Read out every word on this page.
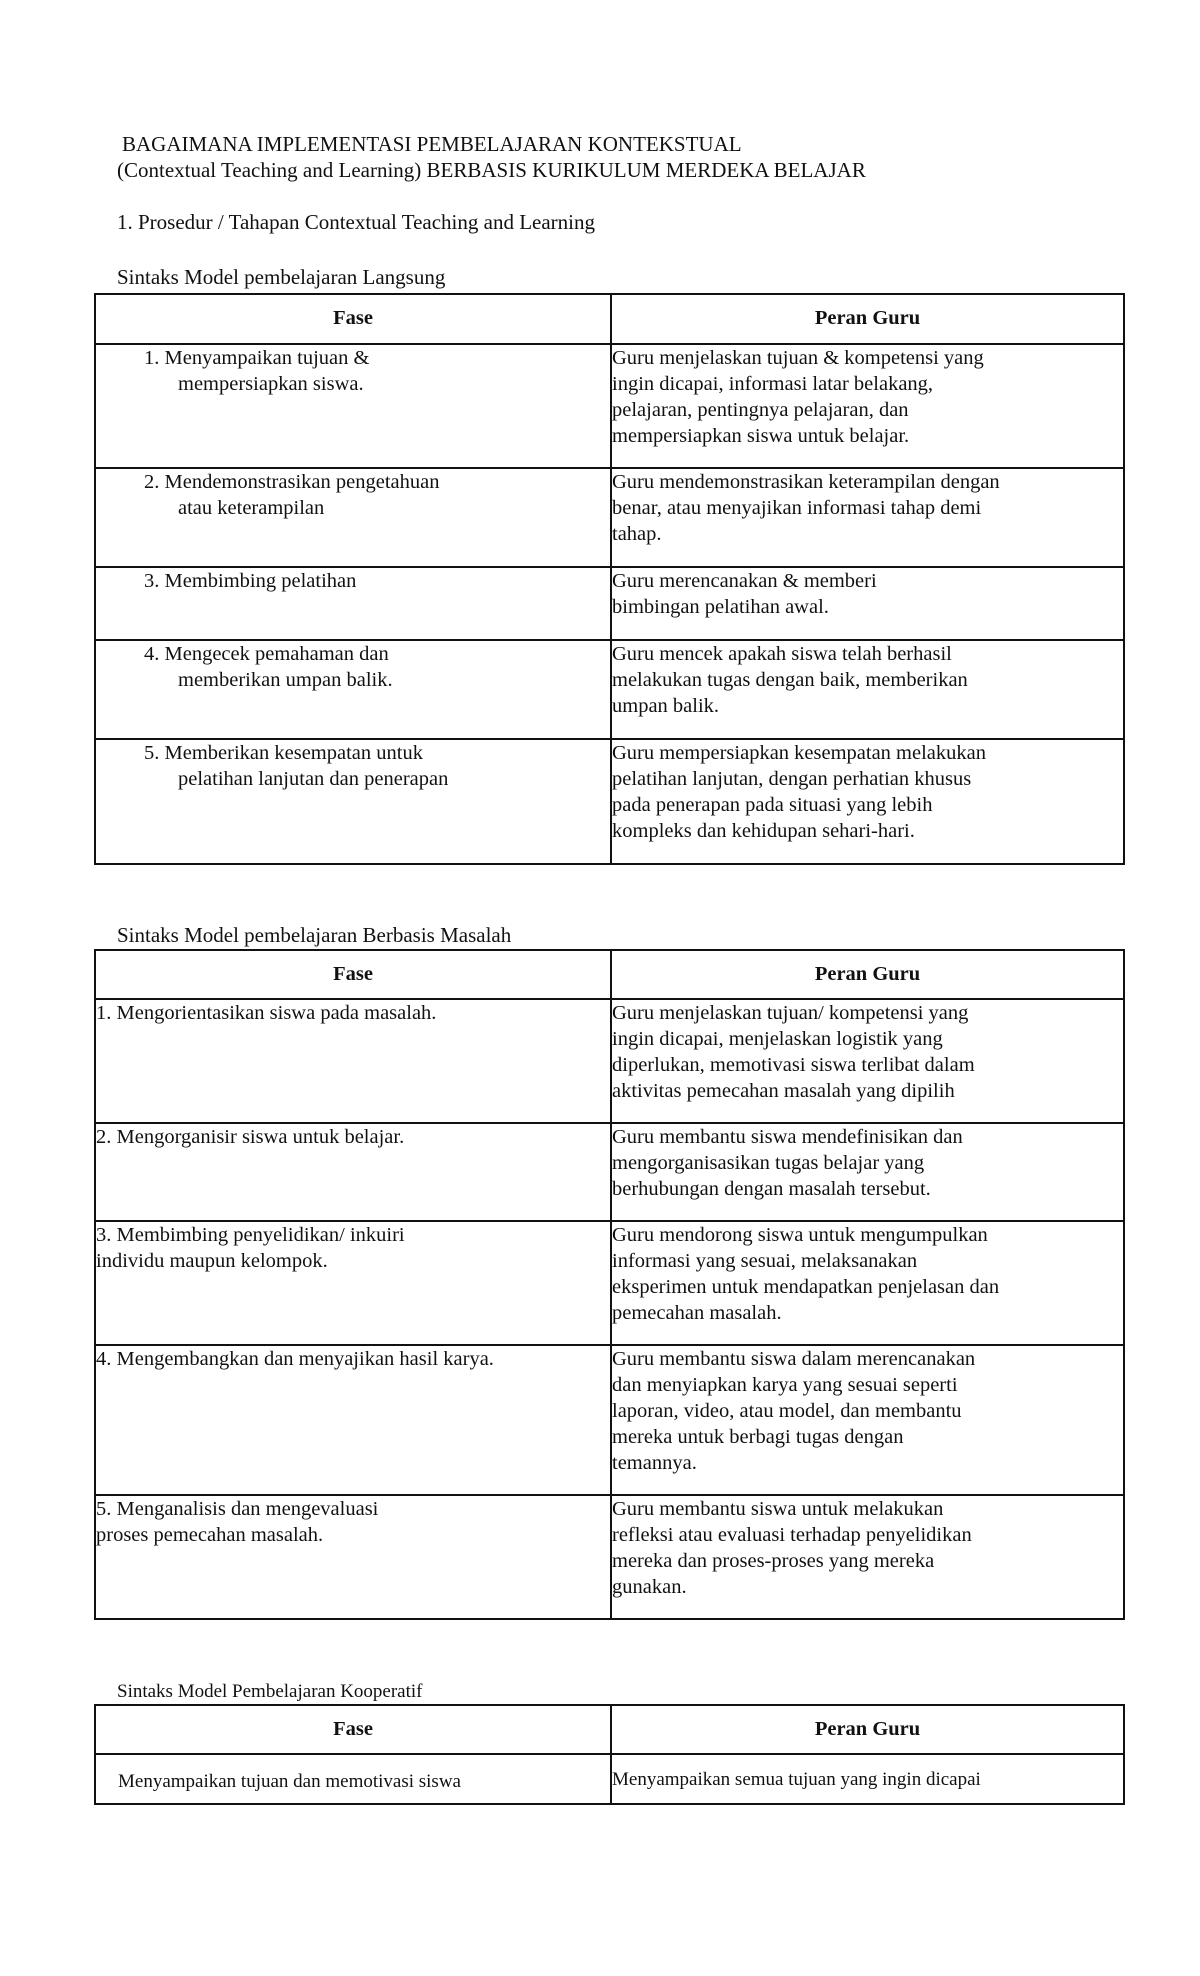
BAGAIMANA IMPLEMENTASI PEMBELAJARAN KONTEKSTUAL
(Contextual Teaching and Learning) BERBASIS KURIKULUM MERDEKA BELAJAR
1. Prosedur / Tahapan Contextual Teaching and Learning
Sintaks Model pembelajaran Langsung
Fase	Peran Guru

1. Menyampaikan tujuan &
mempersiapkan siswa.	Guru menjelaskan tujuan & kompetensi yang
ingin dicapai, informasi latar belakang,
pelajaran, pentingnya pelajaran, dan
mempersiapkan siswa untuk belajar.

2. Mendemonstrasikan pengetahuan
atau keterampilan	Guru mendemonstrasikan keterampilan dengan
benar, atau menyajikan informasi tahap demi
tahap.

3. Membimbing pelatihan	Guru merencanakan & memberi
bimbingan pelatihan awal.

4. Mengecek pemahaman dan
memberikan umpan balik.	Guru mencek apakah siswa telah berhasil
melakukan tugas dengan baik, memberikan
umpan balik.

5. Memberikan kesempatan untuk
pelatihan lanjutan dan penerapan	Guru mempersiapkan kesempatan melakukan
pelatihan lanjutan, dengan perhatian khusus
pada penerapan pada situasi yang lebih
kompleks dan kehidupan sehari-hari.
Sintaks Model pembelajaran Berbasis Masalah
Fase	Peran Guru

1. Mengorientasikan siswa pada masalah.	Guru menjelaskan tujuan/ kompetensi yang
ingin dicapai, menjelaskan logistik yang
diperlukan, memotivasi siswa terlibat dalam
aktivitas pemecahan masalah yang dipilih

2. Mengorganisir siswa untuk belajar.	Guru membantu siswa mendefinisikan dan
mengorganisasikan tugas belajar yang
berhubungan dengan masalah tersebut.

3. Membimbing penyelidikan/ inkuiri
individu maupun kelompok.	Guru mendorong siswa untuk mengumpulkan
informasi yang sesuai, melaksanakan
eksperimen untuk mendapatkan penjelasan dan
pemecahan masalah.

4. Mengembangkan dan menyajikan hasil karya.	Guru membantu siswa dalam merencanakan
dan menyiapkan karya yang sesuai seperti
laporan, video, atau model, dan membantu
mereka untuk berbagi tugas dengan
temannya.

5. Menganalisis dan mengevaluasi
proses pemecahan masalah.	Guru membantu siswa untuk melakukan
refleksi atau evaluasi terhadap penyelidikan
mereka dan proses-proses yang mereka
gunakan.
Sintaks Model Pembelajaran Kooperatif
Fase	Peran Guru

Menyampaikan tujuan dan memotivasi siswa	Menyampaikan semua tujuan yang ingin dicapai
